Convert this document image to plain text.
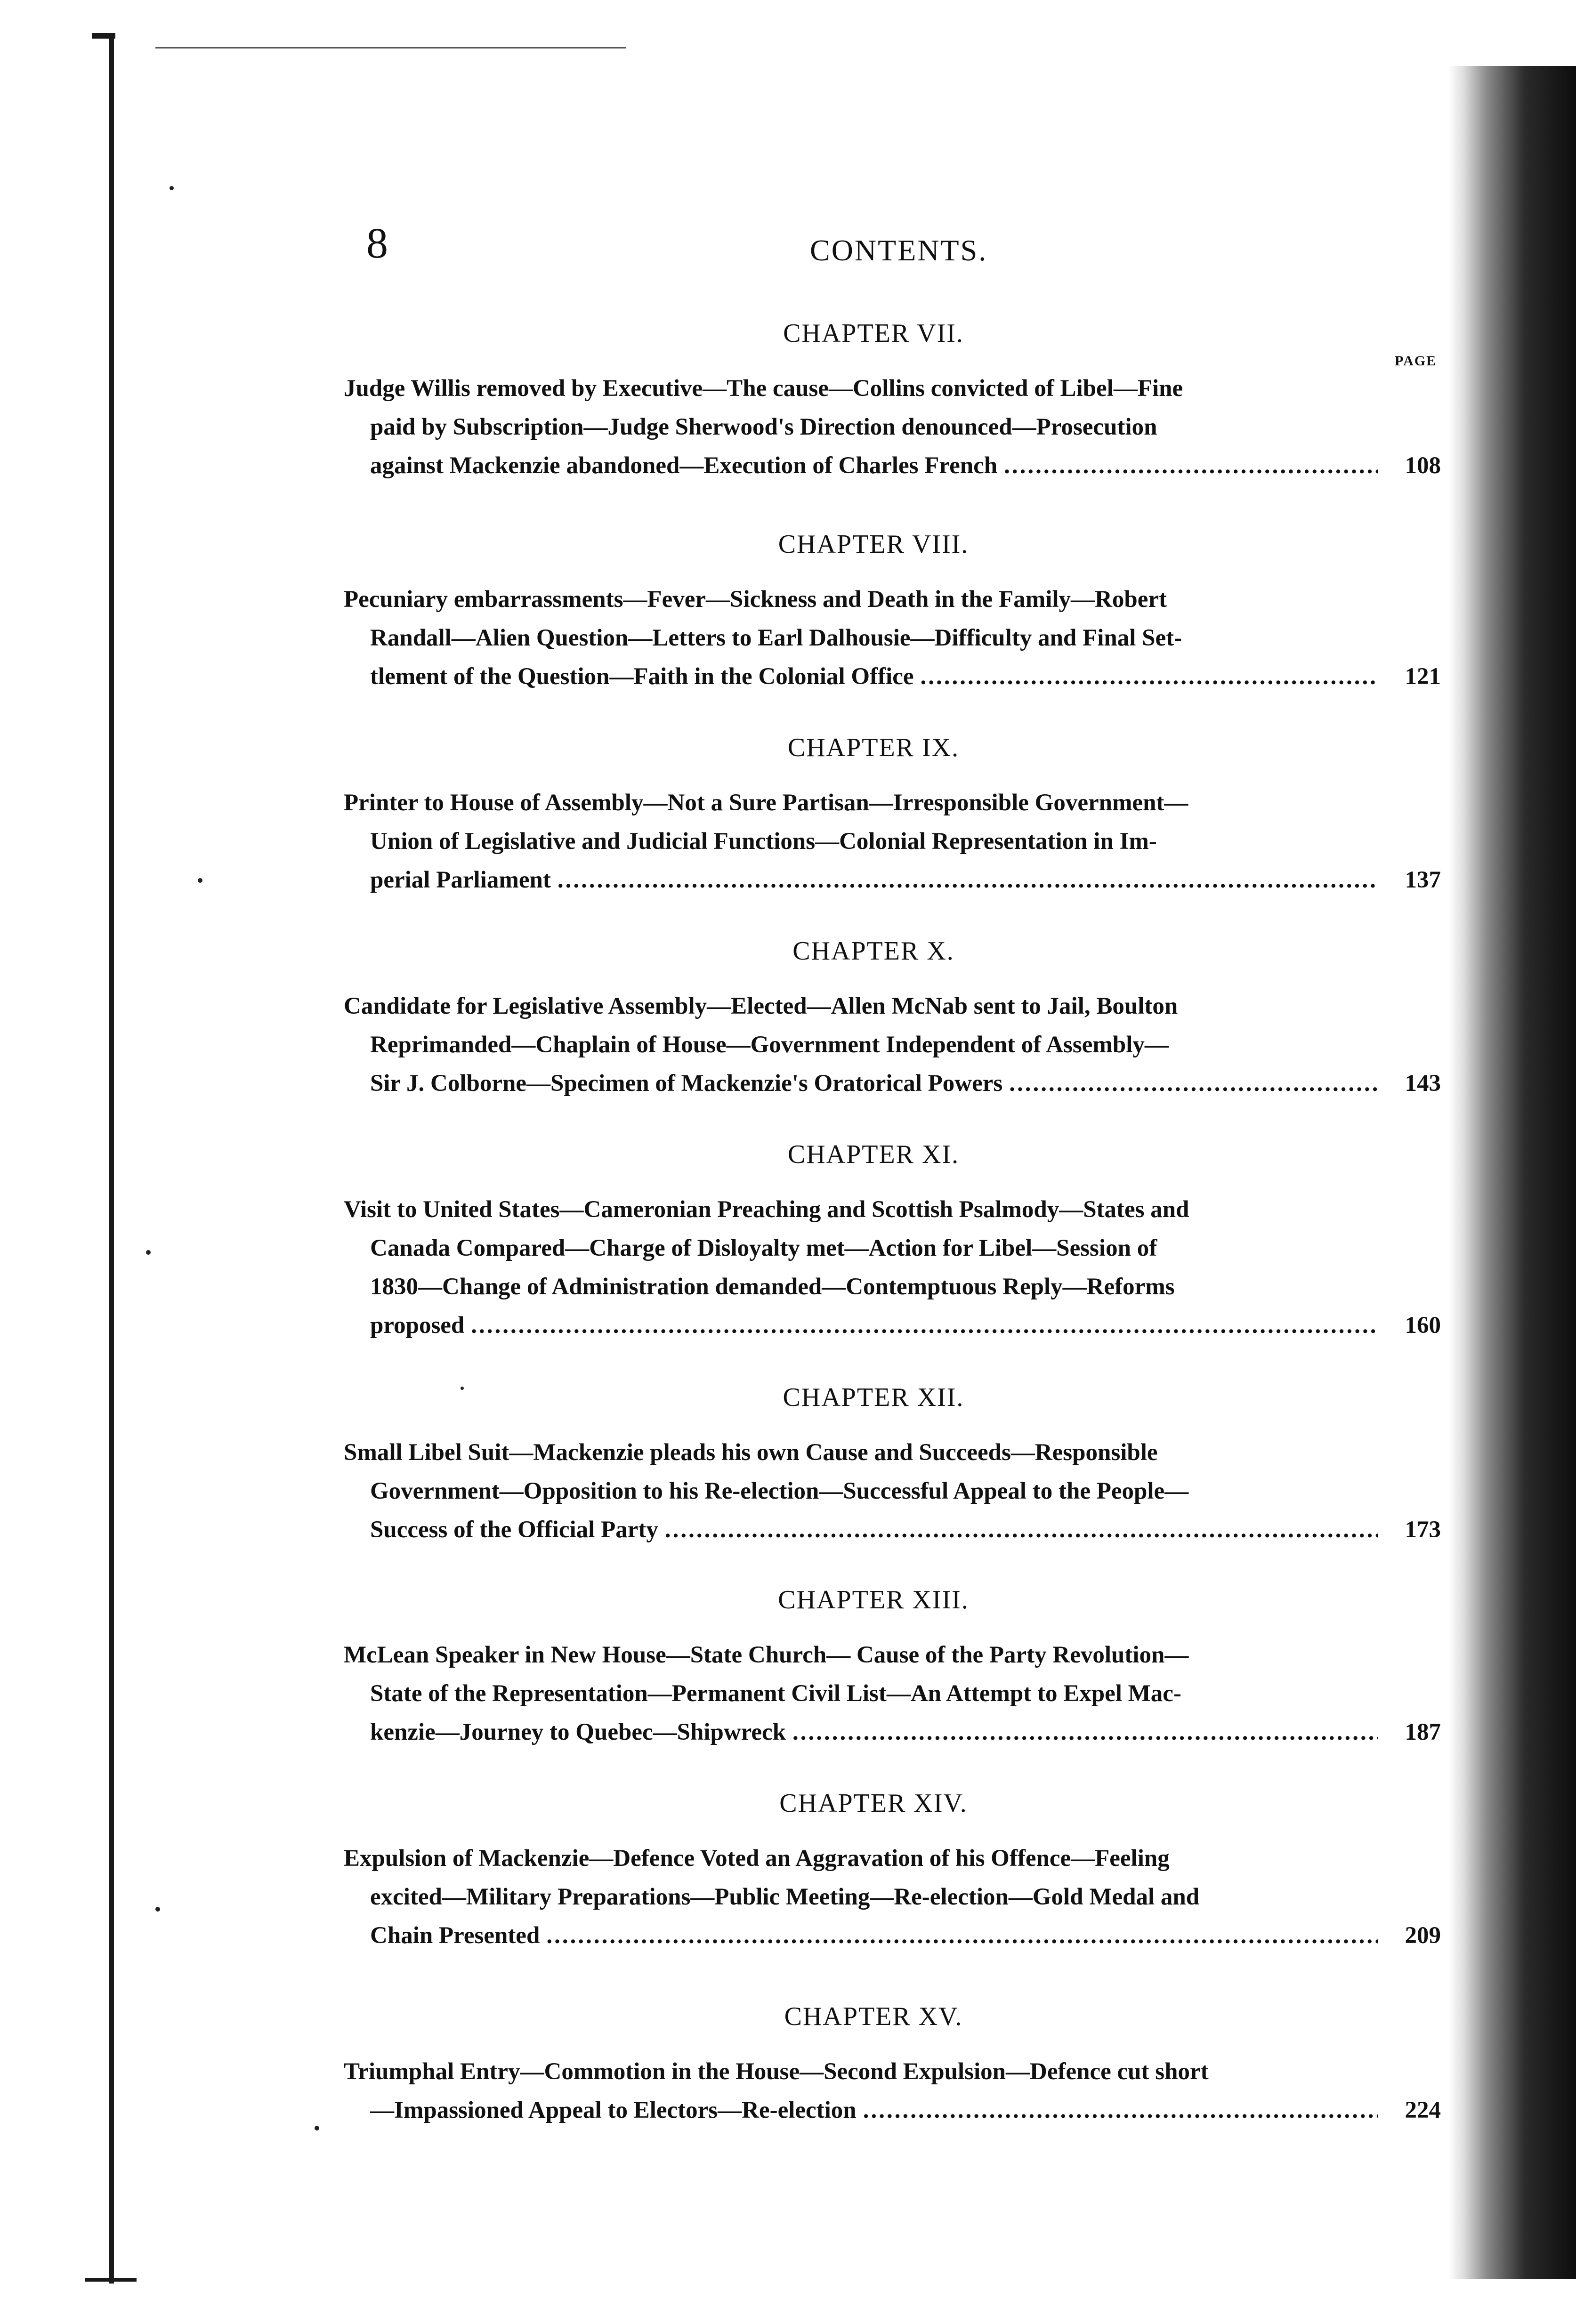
8	CONTENTS.
PAGE
CHAPTER VII.
Judge Willis removed by Executive—The cause—Collins convicted of Libel—Fine
paid by Subscription—Judge Sherwood's Direction denounced—Prosecution
against Mackenzie abandoned—Execution of Charles French .....	108
CHAPTER VIII.
Pecuniary embarrassments—Fever—Sickness and Death in the Family—Robert
Randall—Alien Question—Letters to Earl Dalhousie—Difficulty and Final Set-
tlement of the Question—Faith in the Colonial Office .....	121
CHAPTER IX.
Printer to House of Assembly—Not a Sure Partisan—Irresponsible Government—
Union of Legislative and Judicial Functions—Colonial Representation in Im-
perial Parliament .....	137
CHAPTER X.
Candidate for Legislative Assembly—Elected—Allen McNab sent to Jail, Boulton
Reprimanded—Chaplain of House—Government Independent of Assembly—
Sir J. Colborne—Specimen of Mackenzie's Oratorical Powers .....	143
CHAPTER XI.
Visit to United States—Cameronian Preaching and Scottish Psalmody—States and
Canada Compared—Charge of Disloyalty met—Action for Libel—Session of
1830—Change of Administration demanded—Contemptuous Reply—Reforms
proposed .....	160
CHAPTER XII.
Small Libel Suit—Mackenzie pleads his own Cause and Succeeds—Responsible
Government—Opposition to his Re-election—Successful Appeal to the People—
Success of the Official Party .....	173
CHAPTER XIII.
McLean Speaker in New House—State Church— Cause of the Party Revolution—
State of the Representation—Permanent Civil List—An Attempt to Expel Mac-
kenzie—Journey to Quebec—Shipwreck .....	187
CHAPTER XIV.
Expulsion of Mackenzie—Defence Voted an Aggravation of his Offence—Feeling
excited—Military Preparations—Public Meeting—Re-election—Gold Medal and
Chain Presented .....	209
CHAPTER XV.
Triumphal Entry—Commotion in the House—Second Expulsion—Defence cut short
—Impassioned Appeal to Electors—Re-election .....	224
